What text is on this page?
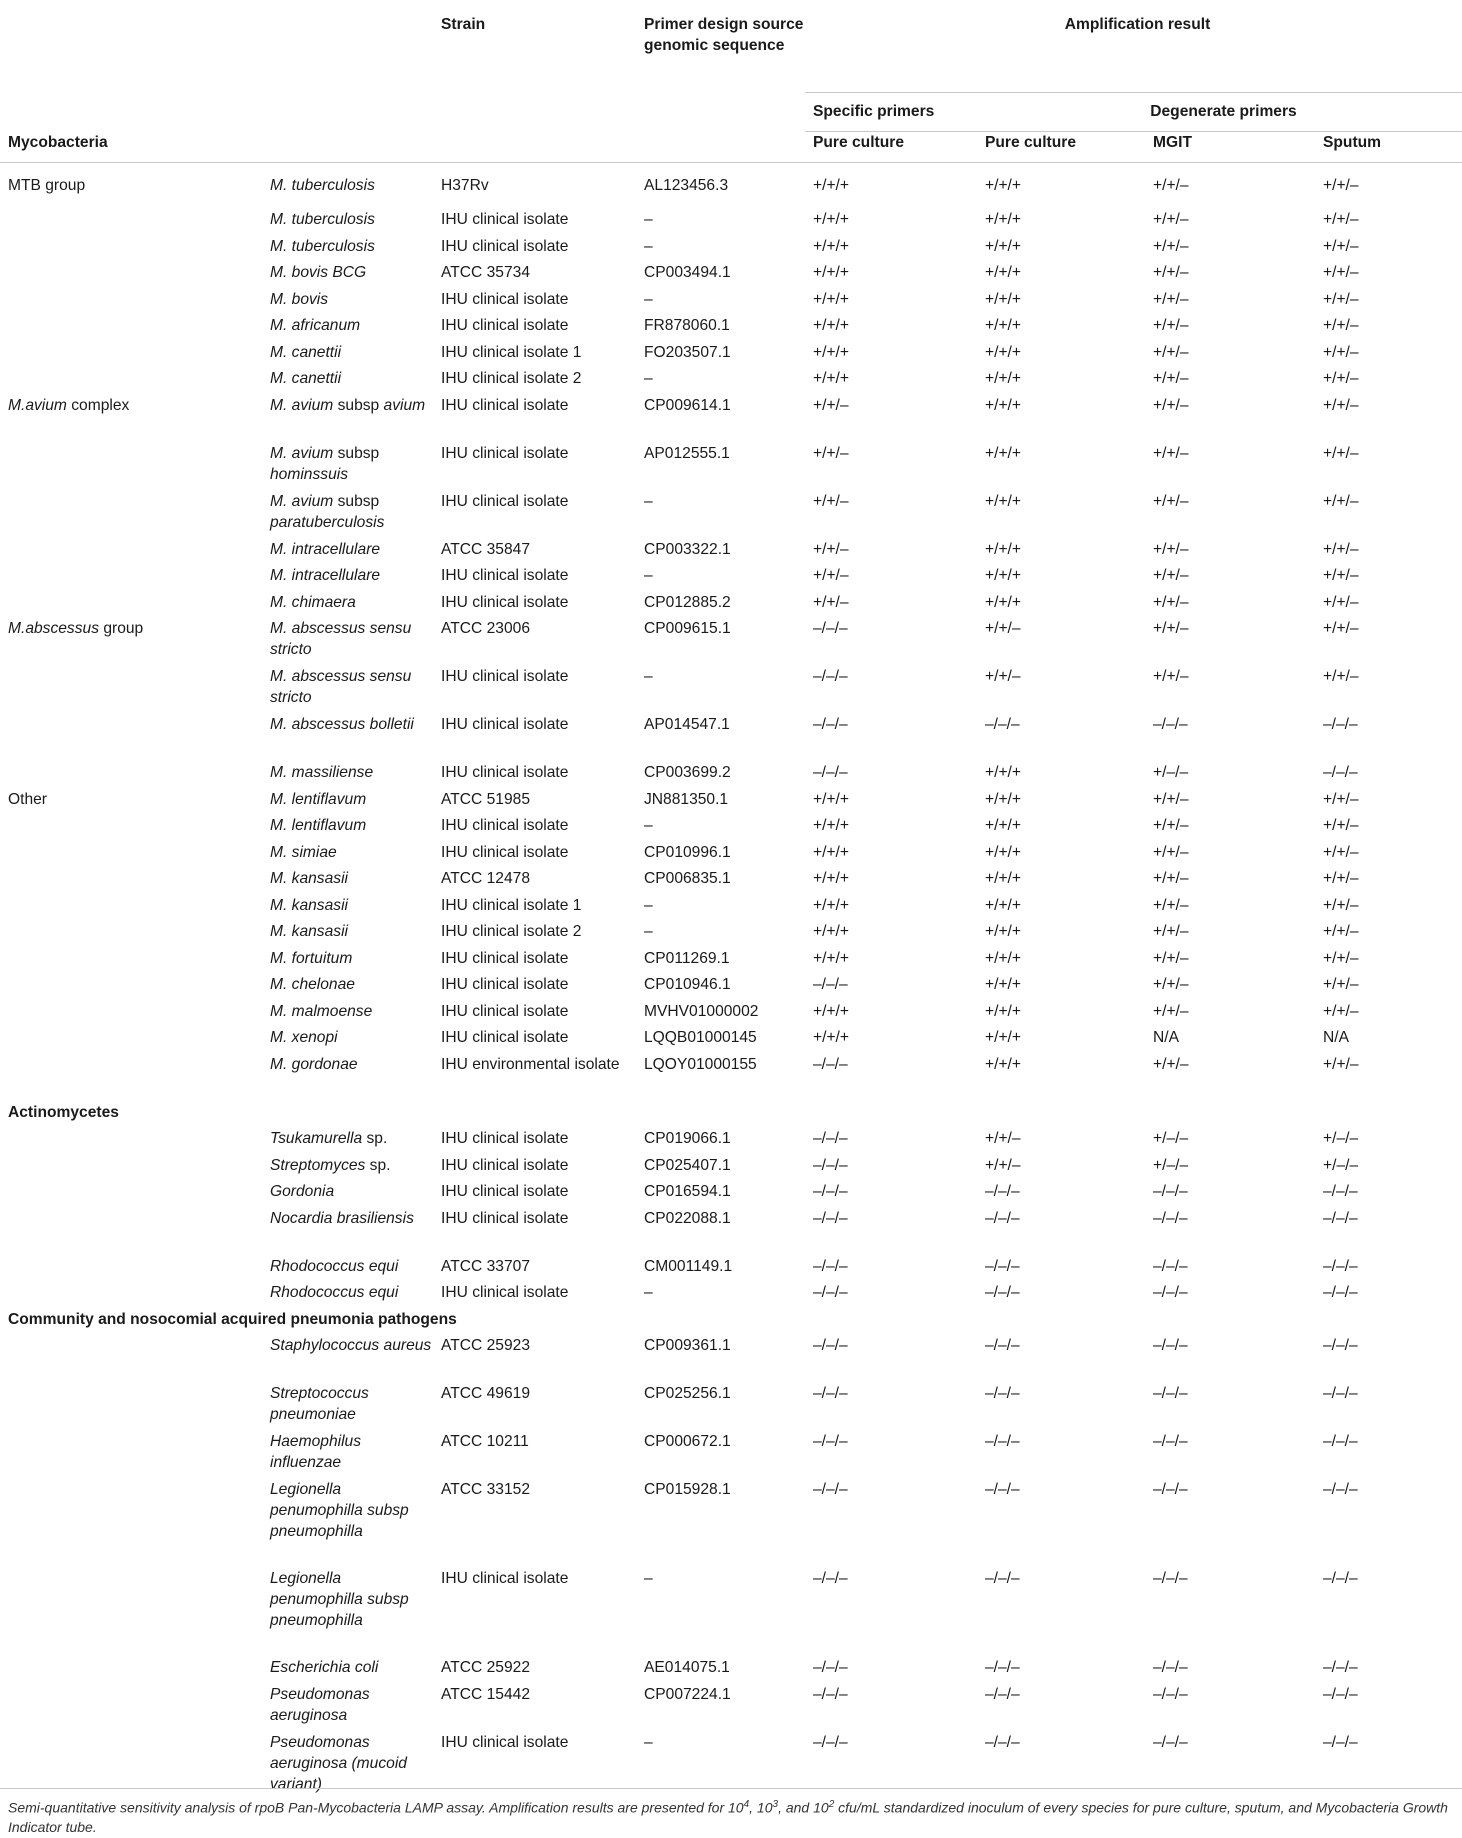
		Strain	Primer design source genomic sequence	Amplification result			
				Specific primers	Degenerate primers		
Mycobacteria				Pure culture	Pure culture	MGIT	Sputum
MTB group	M. tuberculosis	H37Rv	AL123456.3	+/+/+	+/+/+	+/+/–	+/+/–
	M. tuberculosis	IHU clinical isolate	–	+/+/+	+/+/+	+/+/–	+/+/–
	M. tuberculosis	IHU clinical isolate	–	+/+/+	+/+/+	+/+/–	+/+/–
	M. bovis BCG	ATCC 35734	CP003494.1	+/+/+	+/+/+	+/+/–	+/+/–
	M. bovis	IHU clinical isolate	–	+/+/+	+/+/+	+/+/–	+/+/–
	M. africanum	IHU clinical isolate	FR878060.1	+/+/+	+/+/+	+/+/–	+/+/–
	M. canettii	IHU clinical isolate 1	FO203507.1	+/+/+	+/+/+	+/+/–	+/+/–
	M. canettii	IHU clinical isolate 2	–	+/+/+	+/+/+	+/+/–	+/+/–
M.avium complex	M. avium subsp avium	IHU clinical isolate	CP009614.1	+/+/–	+/+/+	+/+/–	+/+/–
	M. avium subsp hominssuis	IHU clinical isolate	AP012555.1	+/+/–	+/+/+	+/+/–	+/+/–
	M. avium subsp paratuberculosis	IHU clinical isolate	–	+/+/–	+/+/+	+/+/–	+/+/–
	M. intracellulare	ATCC 35847	CP003322.1	+/+/–	+/+/+	+/+/–	+/+/–
	M. intracellulare	IHU clinical isolate	–	+/+/–	+/+/+	+/+/–	+/+/–
	M. chimaera	IHU clinical isolate	CP012885.2	+/+/–	+/+/+	+/+/–	+/+/–
M.abscessus group	M. abscessus sensu stricto	ATCC 23006	CP009615.1	–/–/–	+/+/–	+/+/–	+/+/–
	M. abscessus sensu stricto	IHU clinical isolate	–	–/–/–	+/+/–	+/+/–	+/+/–
	M. abscessus bolletii	IHU clinical isolate	AP014547.1	–/–/–	–/–/–	–/–/–	–/–/–
	M. massiliense	IHU clinical isolate	CP003699.2	–/–/–	+/+/+	+/–/–	–/–/–
Other	M. lentiflavum	ATCC 51985	JN881350.1	+/+/+	+/+/+	+/+/–	+/+/–
	M. lentiflavum	IHU clinical isolate	–	+/+/+	+/+/+	+/+/–	+/+/–
	M. simiae	IHU clinical isolate	CP010996.1	+/+/+	+/+/+	+/+/–	+/+/–
	M. kansasii	ATCC 12478	CP006835.1	+/+/+	+/+/+	+/+/–	+/+/–
	M. kansasii	IHU clinical isolate 1	–	+/+/+	+/+/+	+/+/–	+/+/–
	M. kansasii	IHU clinical isolate 2	–	+/+/+	+/+/+	+/+/–	+/+/–
	M. fortuitum	IHU clinical isolate	CP011269.1	+/+/+	+/+/+	+/+/–	+/+/–
	M. chelonae	IHU clinical isolate	CP010946.1	–/–/–	+/+/+	+/+/–	+/+/–
	M. malmoense	IHU clinical isolate	MVHV01000002	+/+/+	+/+/+	+/+/–	+/+/–
	M. xenopi	IHU clinical isolate	LQQB01000145	+/+/+	+/+/+	N/A	N/A
	M. gordonae	IHU environmental isolate	LQOY01000155	–/–/–	+/+/+	+/+/–	+/+/–
Actinomycetes							
	Tsukamurella sp.	IHU clinical isolate	CP019066.1	–/–/–	+/+/–	+/–/–	+/–/–
	Streptomyces sp.	IHU clinical isolate	CP025407.1	–/–/–	+/+/–	+/–/–	+/–/–
	Gordonia	IHU clinical isolate	CP016594.1	–/–/–	–/–/–	–/–/–	–/–/–
	Nocardia brasiliensis	IHU clinical isolate	CP022088.1	–/–/–	–/–/–	–/–/–	–/–/–
	Rhodococcus equi	ATCC 33707	CM001149.1	–/–/–	–/–/–	–/–/–	–/–/–
	Rhodococcus equi	IHU clinical isolate	–	–/–/–	–/–/–	–/–/–	–/–/–
Community and nosocomial acquired pneumonia pathogens							
	Staphylococcus aureus	ATCC 25923	CP009361.1	–/–/–	–/–/–	–/–/–	–/–/–
	Streptococcus pneumoniae	ATCC 49619	CP025256.1	–/–/–	–/–/–	–/–/–	–/–/–
	Haemophilus influenzae	ATCC 10211	CP000672.1	–/–/–	–/–/–	–/–/–	–/–/–
	Legionella penumophilla subsp pneumophilla	ATCC 33152	CP015928.1	–/–/–	–/–/–	–/–/–	–/–/–
	Legionella penumophilla subsp pneumophilla	IHU clinical isolate	–	–/–/–	–/–/–	–/–/–	–/–/–
	Escherichia coli	ATCC 25922	AE014075.1	–/–/–	–/–/–	–/–/–	–/–/–
	Pseudomonas aeruginosa	ATCC 15442	CP007224.1	–/–/–	–/–/–	–/–/–	–/–/–
	Pseudomonas aeruginosa (mucoid variant)	IHU clinical isolate	–	–/–/–	–/–/–	–/–/–	–/–/–
Semi-quantitative sensitivity analysis of rpoB Pan-Mycobacteria LAMP assay. Amplification results are presented for $10^4$, $10^3$, and $10^2$ cfu/mL standardized inoculum of every species for pure culture, sputum, and Mycobacteria Growth Indicator tube.
